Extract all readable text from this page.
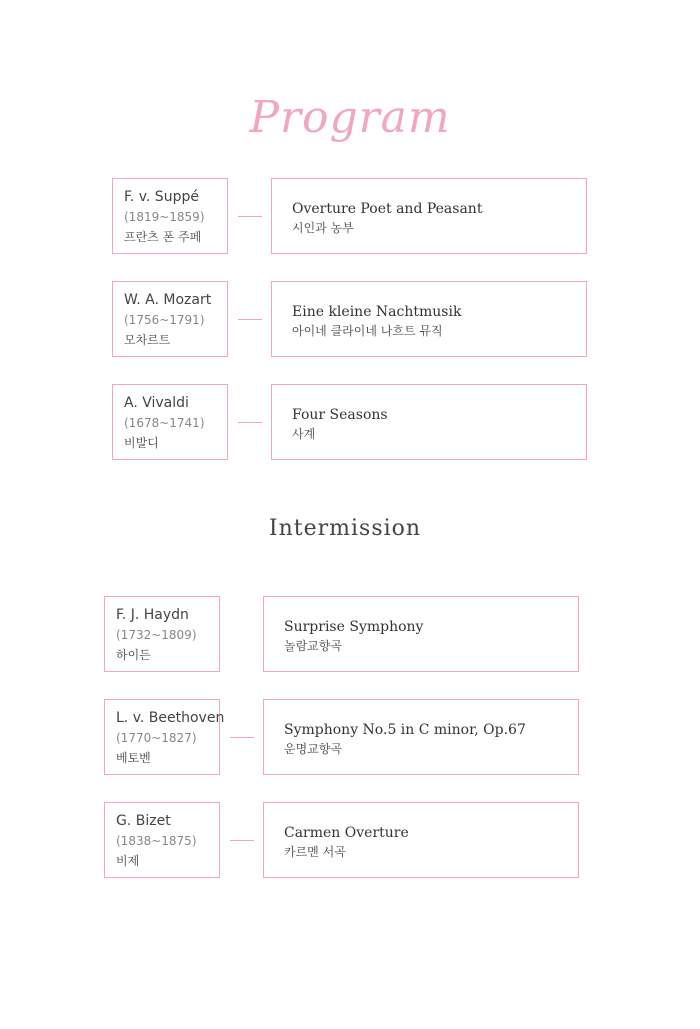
Program
F. v. Suppé
(1819~1859)
프란츠 폰 주페
Overture Poet and Peasant
시인과 농부
W. A. Mozart
(1756~1791)
모차르트
Eine kleine Nachtmusik
아이네 클라이네 나흐트 뮤직
A. Vivaldi
(1678~1741)
비발디
Four Seasons
사계
Intermission
F. J. Haydn
(1732~1809)
하이든
Surprise Symphony
놀람교향곡
L. v. Beethoven
(1770~1827)
베토벤
Symphony No.5 in C minor, Op.67
운명교향곡
G. Bizet
(1838~1875)
비제
Carmen Overture
카르멘 서곡
